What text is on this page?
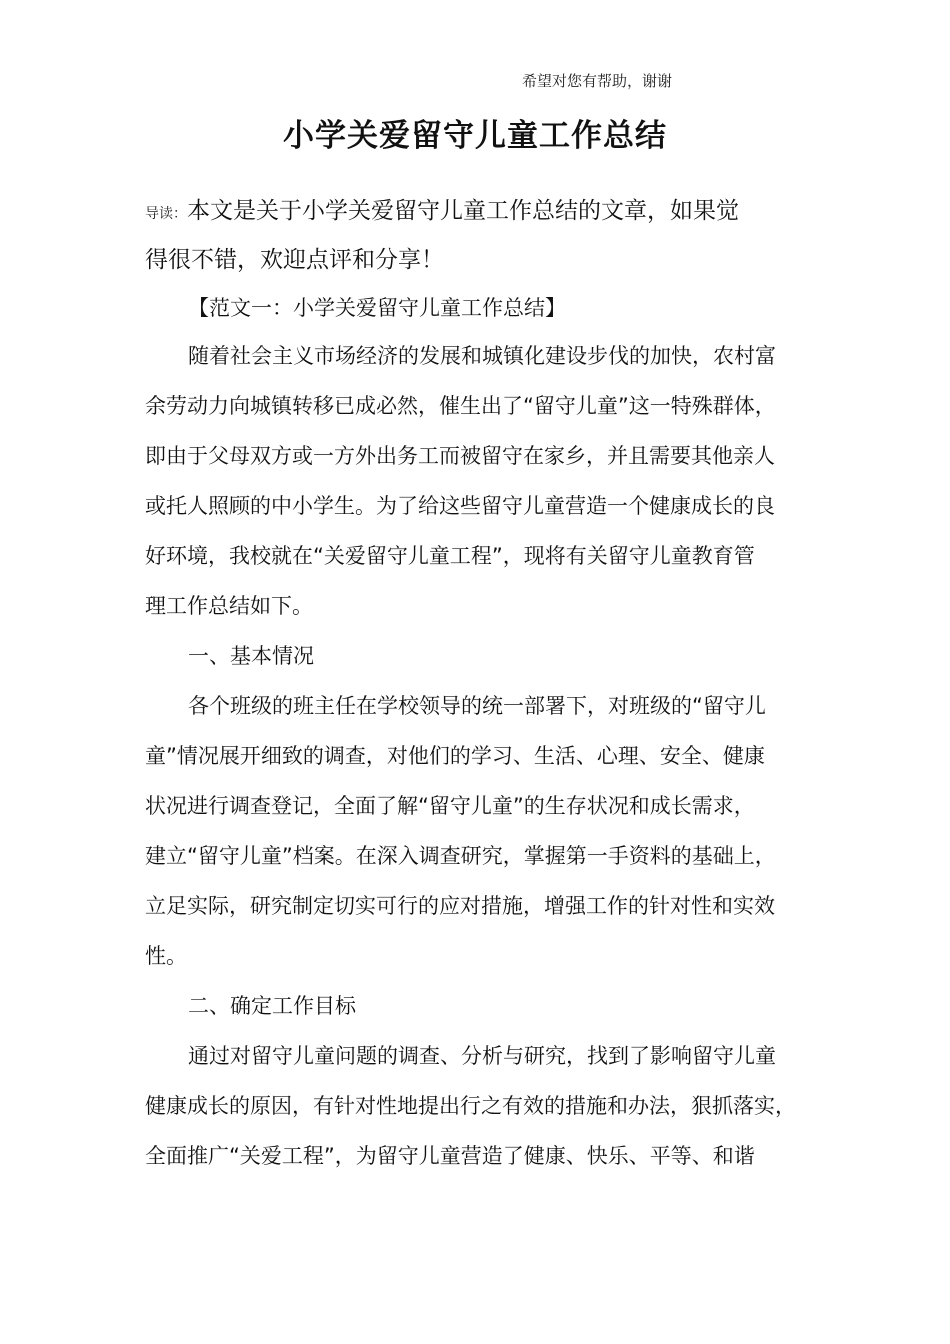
希望对您有帮助，谢谢
小学关爱留守儿童工作总结
导读：本文是关于小学关爱留守儿童工作总结的文章，如果觉
得很不错，欢迎点评和分享！
【范文一：小学关爱留守儿童工作总结】
随着社会主义市场经济的发展和城镇化建设步伐的加快，农村富
余劳动力向城镇转移已成必然，催生出了“留守儿童”这一特殊群体，
即由于父母双方或一方外出务工而被留守在家乡，并且需要其他亲人
或托人照顾的中小学生。为了给这些留守儿童营造一个健康成长的良
好环境，我校就在“关爱留守儿童工程”，现将有关留守儿童教育管
理工作总结如下。
一、基本情况
各个班级的班主任在学校领导的统一部署下，对班级的“留守儿
童”情况展开细致的调查，对他们的学习、生活、心理、安全、健康
状况进行调查登记，全面了解“留守儿童”的生存状况和成长需求，
建立“留守儿童”档案。在深入调查研究，掌握第一手资料的基础上，
立足实际，研究制定切实可行的应对措施，增强工作的针对性和实效
性。
二、确定工作目标
通过对留守儿童问题的调查、分析与研究，找到了影响留守儿童
健康成长的原因，有针对性地提出行之有效的措施和办法，狠抓落实，
全面推广“关爱工程”，为留守儿童营造了健康、快乐、平等、和谐
